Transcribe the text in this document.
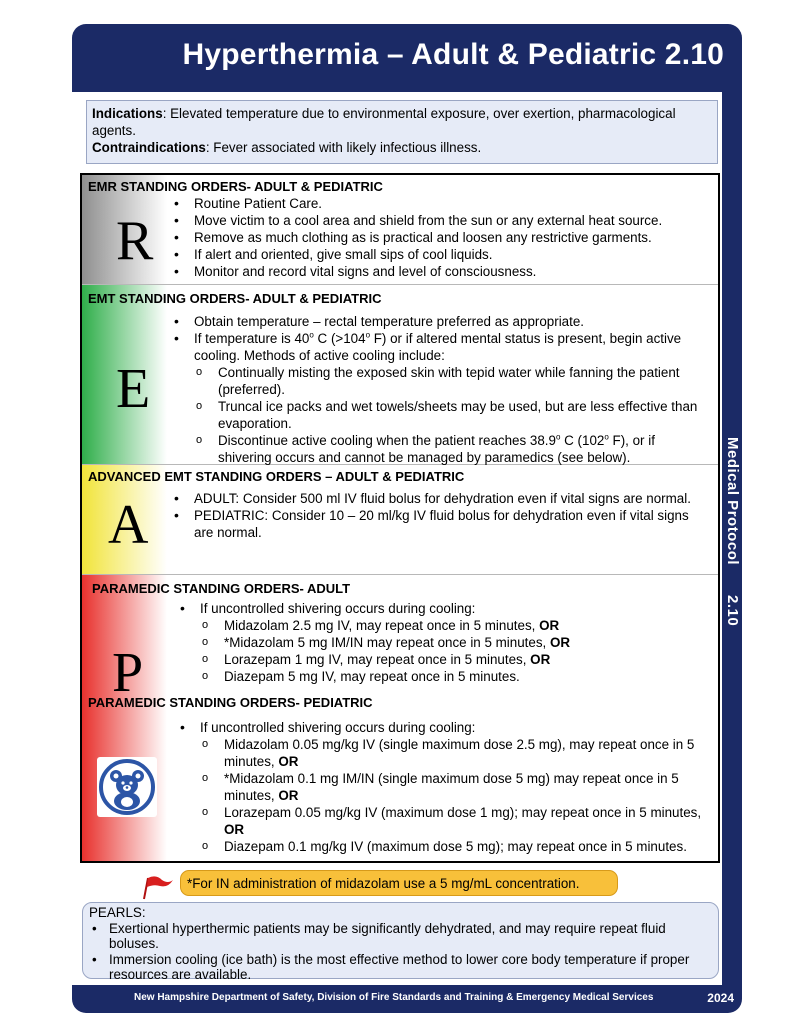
Hyperthermia – Adult & Pediatric 2.10
Medical Protocol2.10
Indications: Elevated temperature due to environmental exposure, over exertion, pharmacological agents.
Contraindications: Fever associated with likely infectious illness.
EMR STANDING ORDERS- ADULT & PEDIATRIC
R
• Routine Patient Care.
• Move victim to a cool area and shield from the sun or any external heat source.
• Remove as much clothing as is practical and loosen any restrictive garments.
• If alert and oriented, give small sips of cool liquids.
• Monitor and record vital signs and level of consciousness.
EMT STANDING ORDERS- ADULT & PEDIATRIC
E
• Obtain temperature – rectal temperature preferred as appropriate.
• If temperature is 40$^o$ C ($>104^o$ F) or if altered mental status is present, begin active cooling. Methods of active cooling include:
o Continually misting the exposed skin with tepid water while fanning the patient (preferred).
o Truncal ice packs and wet towels/sheets may be used, but are less effective than evaporation.
o Discontinue active cooling when the patient reaches 38.9$^o$ C (102$^o$ F), or if shivering occurs and cannot be managed by paramedics (see below).
ADVANCED EMT STANDING ORDERS – ADULT & PEDIATRIC
A
•	ADULT: Consider 500 ml IV fluid bolus for dehydration even if vital signs are normal.
• PEDIATRIC: Consider 10 – 20 ml/kg IV fluid bolus for dehydration even if vital signs are normal.
PARAMEDIC STANDING ORDERS- ADULT
P
• If uncontrolled shivering occurs during cooling:
o Midazolam 2.5 mg IV, may repeat once in 5 minutes, OR
o *Midazolam 5 mg IM/IN may repeat once in 5 minutes, OR
o Lorazepam 1 mg IV, may repeat once in 5 minutes, OR
o Diazepam 5 mg IV, may repeat once in 5 minutes.
PARAMEDIC STANDING ORDERS- PEDIATRIC
• If uncontrolled shivering occurs during cooling:
o Midazolam 0.05 mg/kg IV (single maximum dose 2.5 mg), may repeat once in 5 minutes, OR
o *Midazolam 0.1 mg IM/IN (single maximum dose 5 mg) may repeat once in 5 minutes, OR
o Lorazepam 0.05 mg/kg IV (maximum dose 1 mg); may repeat once in 5 minutes, OR
o Diazepam 0.1 mg/kg IV (maximum dose 5 mg); may repeat once in 5 minutes.
*For IN administration of midazolam use a 5 mg/mL concentration.
PEARLS:
• Exertional hyperthermic patients may be significantly dehydrated, and may require repeat fluid boluses.
• Immersion cooling (ice bath) is the most effective method to lower core body temperature if proper resources are available.
New Hampshire Department of Safety, Division of Fire Standards and Training & Emergency Medical Services	2024
